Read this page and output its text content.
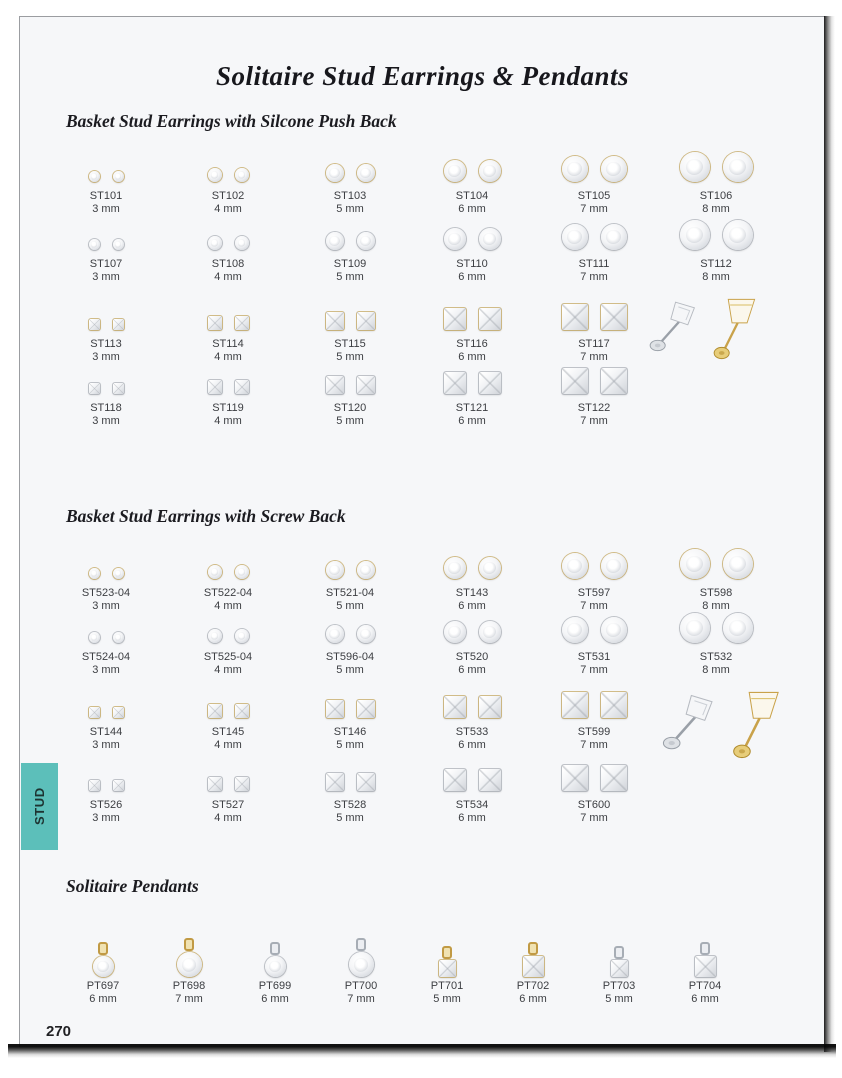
Solitaire Stud Earrings & Pendants
Basket Stud Earrings with Silcone Push Back
ST101
3 mm
ST102
4 mm
ST103
5 mm
ST104
6 mm
ST105
7 mm
ST106
8 mm
ST107
3 mm
ST108
4 mm
ST109
5 mm
ST110
6 mm
ST111
7 mm
ST112
8 mm
ST113
3 mm
ST114
4 mm
ST115
5 mm
ST116
6 mm
ST117
7 mm
ST118
3 mm
ST119
4 mm
ST120
5 mm
ST121
6 mm
ST122
7 mm
Basket Stud Earrings with Screw Back
ST523-04
3 mm
ST522-04
4 mm
ST521-04
5 mm
ST143
6 mm
ST597
7 mm
ST598
8 mm
ST524-04
3 mm
ST525-04
4 mm
ST596-04
5 mm
ST520
6 mm
ST531
7 mm
ST532
8 mm
ST144
3 mm
ST145
4 mm
ST146
5 mm
ST533
6 mm
ST599
7 mm
ST526
3 mm
ST527
4 mm
ST528
5 mm
ST534
6 mm
ST600
7 mm
Solitaire Pendants
PT697
6 mm
PT698
7 mm
PT699
6 mm
PT700
7 mm
PT701
5 mm
PT702
6 mm
PT703
5 mm
PT704
6 mm
STUD
270
